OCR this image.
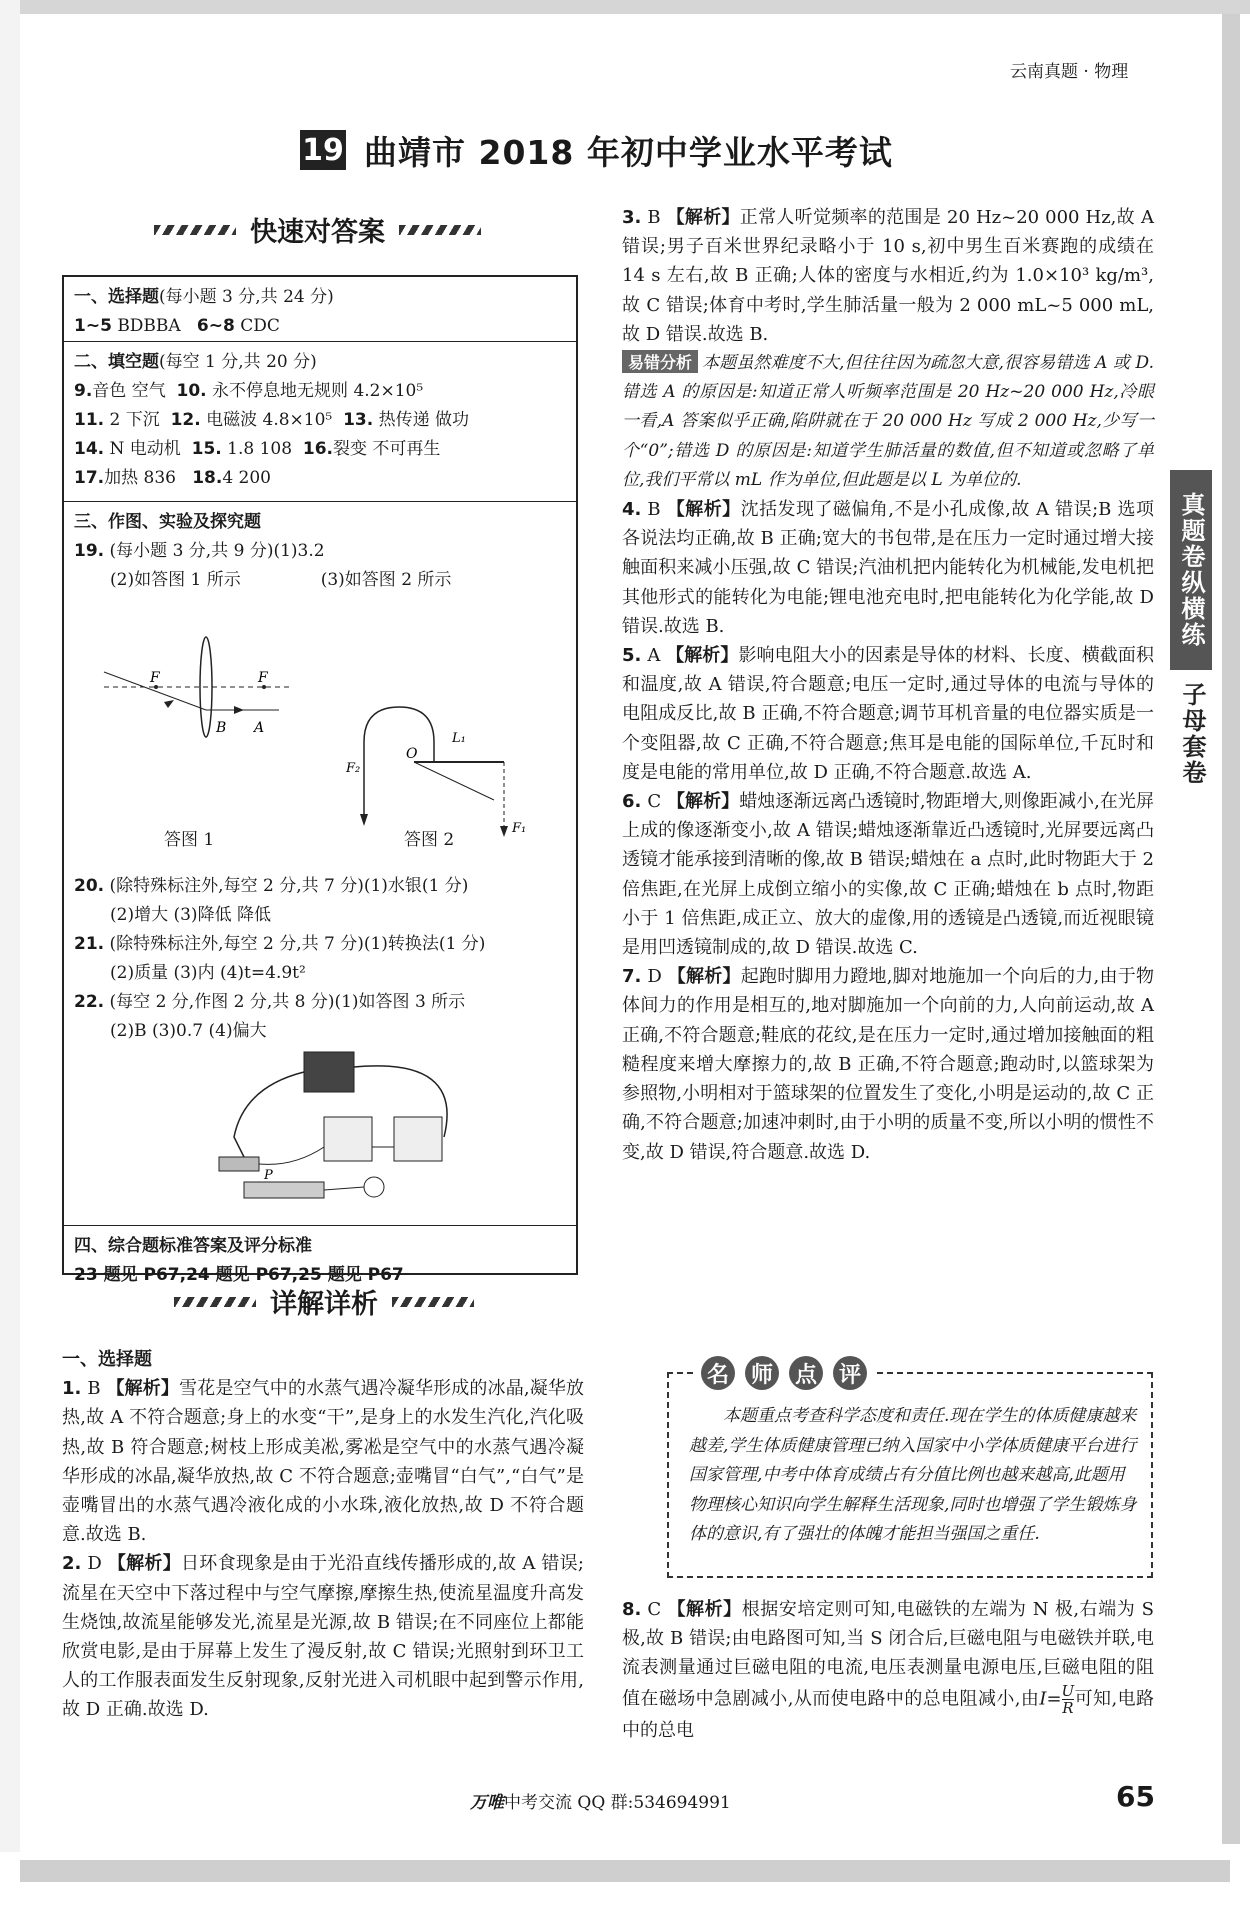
云南真题 · 物理
19 曲靖市 2018 年初中学业水平考试
快速对答案
一、选择题(每小题 3 分,共 24 分)
1~5 BDBBA 6~8 CDC
二、填空题(每空 1 分,共 20 分)
9.音色 空气 10. 永不停息地无规则 4.2×10⁵
11. 2 下沉 12. 电磁波 4.8×10⁵ 13. 热传递 做功
14. N 电动机 15. 1.8 108 16.裂变 不可再生
17.加热 836 18.4 200
三、作图、实验及探究题
19. (每小题 3 分,共 9 分)(1)3.2
(2)如答图 1 所示	(3)如答图 2 所示
F	F
B A
答图 1
O
L₁
F₂
F₁
答图 2
20. (除特殊标注外,每空 2 分,共 7 分)(1)水银(1 分)
(2)增大 (3)降低 降低
21. (除特殊标注外,每空 2 分,共 7 分)(1)转换法(1 分)
(2)质量 (3)内 (4)t=4.9t²
22. (每空 2 分,作图 2 分,共 8 分)(1)如答图 3 所示
(2)B (3)0.7 (4)偏大
P
四、综合题标准答案及评分标准
23 题见 P67,24 题见 P67,25 题见 P67
详解详析
一、选择题
1. B 【解析】雪花是空气中的水蒸气遇冷凝华形成的冰晶,凝华放热,故 A 不符合题意;身上的水变“干”,是身上的水发生汽化,汽化吸热,故 B 符合题意;树枝上形成美凇,雾凇是空气中的水蒸气遇冷凝华形成的冰晶,凝华放热,故 C 不符合题意;壶嘴冒“白气”,“白气”是壶嘴冒出的水蒸气遇冷液化成的小水珠,液化放热,故 D 不符合题意.故选 B.
2. D 【解析】日环食现象是由于光沿直线传播形成的,故 A 错误;流星在天空中下落过程中与空气摩擦,摩擦生热,使流星温度升高发生烧蚀,故流星能够发光,流星是光源,故 B 错误;在不同座位上都能欣赏电影,是由于屏幕上发生了漫反射,故 C 错误;光照射到环卫工人的工作服表面发生反射现象,反射光进入司机眼中起到警示作用,故 D 正确.故选 D.
3. B 【解析】正常人听觉频率的范围是 20 Hz~20 000 Hz,故 A 错误;男子百米世界纪录略小于 10 s,初中男生百米赛跑的成绩在 14 s 左右,故 B 正确;人体的密度与水相近,约为 1.0×10³ kg/m³,故 C 错误;体育中考时,学生肺活量一般为 2 000 mL~5 000 mL,故 D 错误.故选 B.
易错分析 本题虽然难度不大,但往往因为疏忽大意,很容易错选 A 或 D.错选 A 的原因是:知道正常人听频率范围是 20 Hz~20 000 Hz,冷眼一看,A 答案似乎正确,陷阱就在于 20 000 Hz 写成 2 000 Hz,少写一个“0”;错选 D 的原因是:知道学生肺活量的数值,但不知道或忽略了单位,我们平常以 mL 作为单位,但此题是以 L 为单位的.
4. B 【解析】沈括发现了磁偏角,不是小孔成像,故 A 错误;B 选项各说法均正确,故 B 正确;宽大的书包带,是在压力一定时通过增大接触面积来减小压强,故 C 错误;汽油机把内能转化为机械能,发电机把其他形式的能转化为电能;锂电池充电时,把电能转化为化学能,故 D 错误.故选 B.
5. A 【解析】影响电阻大小的因素是导体的材料、长度、横截面积和温度,故 A 错误,符合题意;电压一定时,通过导体的电流与导体的电阻成反比,故 B 正确,不符合题意;调节耳机音量的电位器实质是一个变阻器,故 C 正确,不符合题意;焦耳是电能的国际单位,千瓦时和度是电能的常用单位,故 D 正确,不符合题意.故选 A.
6. C 【解析】蜡烛逐渐远离凸透镜时,物距增大,则像距减小,在光屏上成的像逐渐变小,故 A 错误;蜡烛逐渐靠近凸透镜时,光屏要远离凸透镜才能承接到清晰的像,故 B 错误;蜡烛在 a 点时,此时物距大于 2 倍焦距,在光屏上成倒立缩小的实像,故 C 正确;蜡烛在 b 点时,物距小于 1 倍焦距,成正立、放大的虚像,用的透镜是凸透镜,而近视眼镜是用凹透镜制成的,故 D 错误.故选 C.
7. D 【解析】起跑时脚用力蹬地,脚对地施加一个向后的力,由于物体间力的作用是相互的,地对脚施加一个向前的力,人向前运动,故 A 正确,不符合题意;鞋底的花纹,是在压力一定时,通过增加接触面的粗糙程度来增大摩擦力的,故 B 正确,不符合题意;跑动时,以篮球架为参照物,小明相对于篮球架的位置发生了变化,小明是运动的,故 C 正确,不符合题意;加速冲刺时,由于小明的质量不变,所以小明的惯性不变,故 D 错误,符合题意.故选 D.
名 师 点 评
本题重点考查科学态度和责任.现在学生的体质健康越来越差,学生体质健康管理已纳入国家中小学体质健康平台进行国家管理,中考中体育成绩占有分值比例也越来越高,此题用物理核心知识向学生解释生活现象,同时也增强了学生锻炼身体的意识,有了强壮的体魄才能担当强国之重任.
8. C 【解析】根据安培定则可知,电磁铁的左端为 N 极,右端为 S 极,故 B 错误;由电路图可知,当 S 闭合后,巨磁电阻与电磁铁并联,电流表测量通过巨磁电阻的电流,电压表测量电源电压,巨磁电阻的阻值在磁场中急剧减小,从而使电路中的总电阻减小,由$I= \frac{U}{R}$可知,电路中的总电
真题卷纵横练
子母套卷
万唯中考交流 QQ 群:534694991	65
